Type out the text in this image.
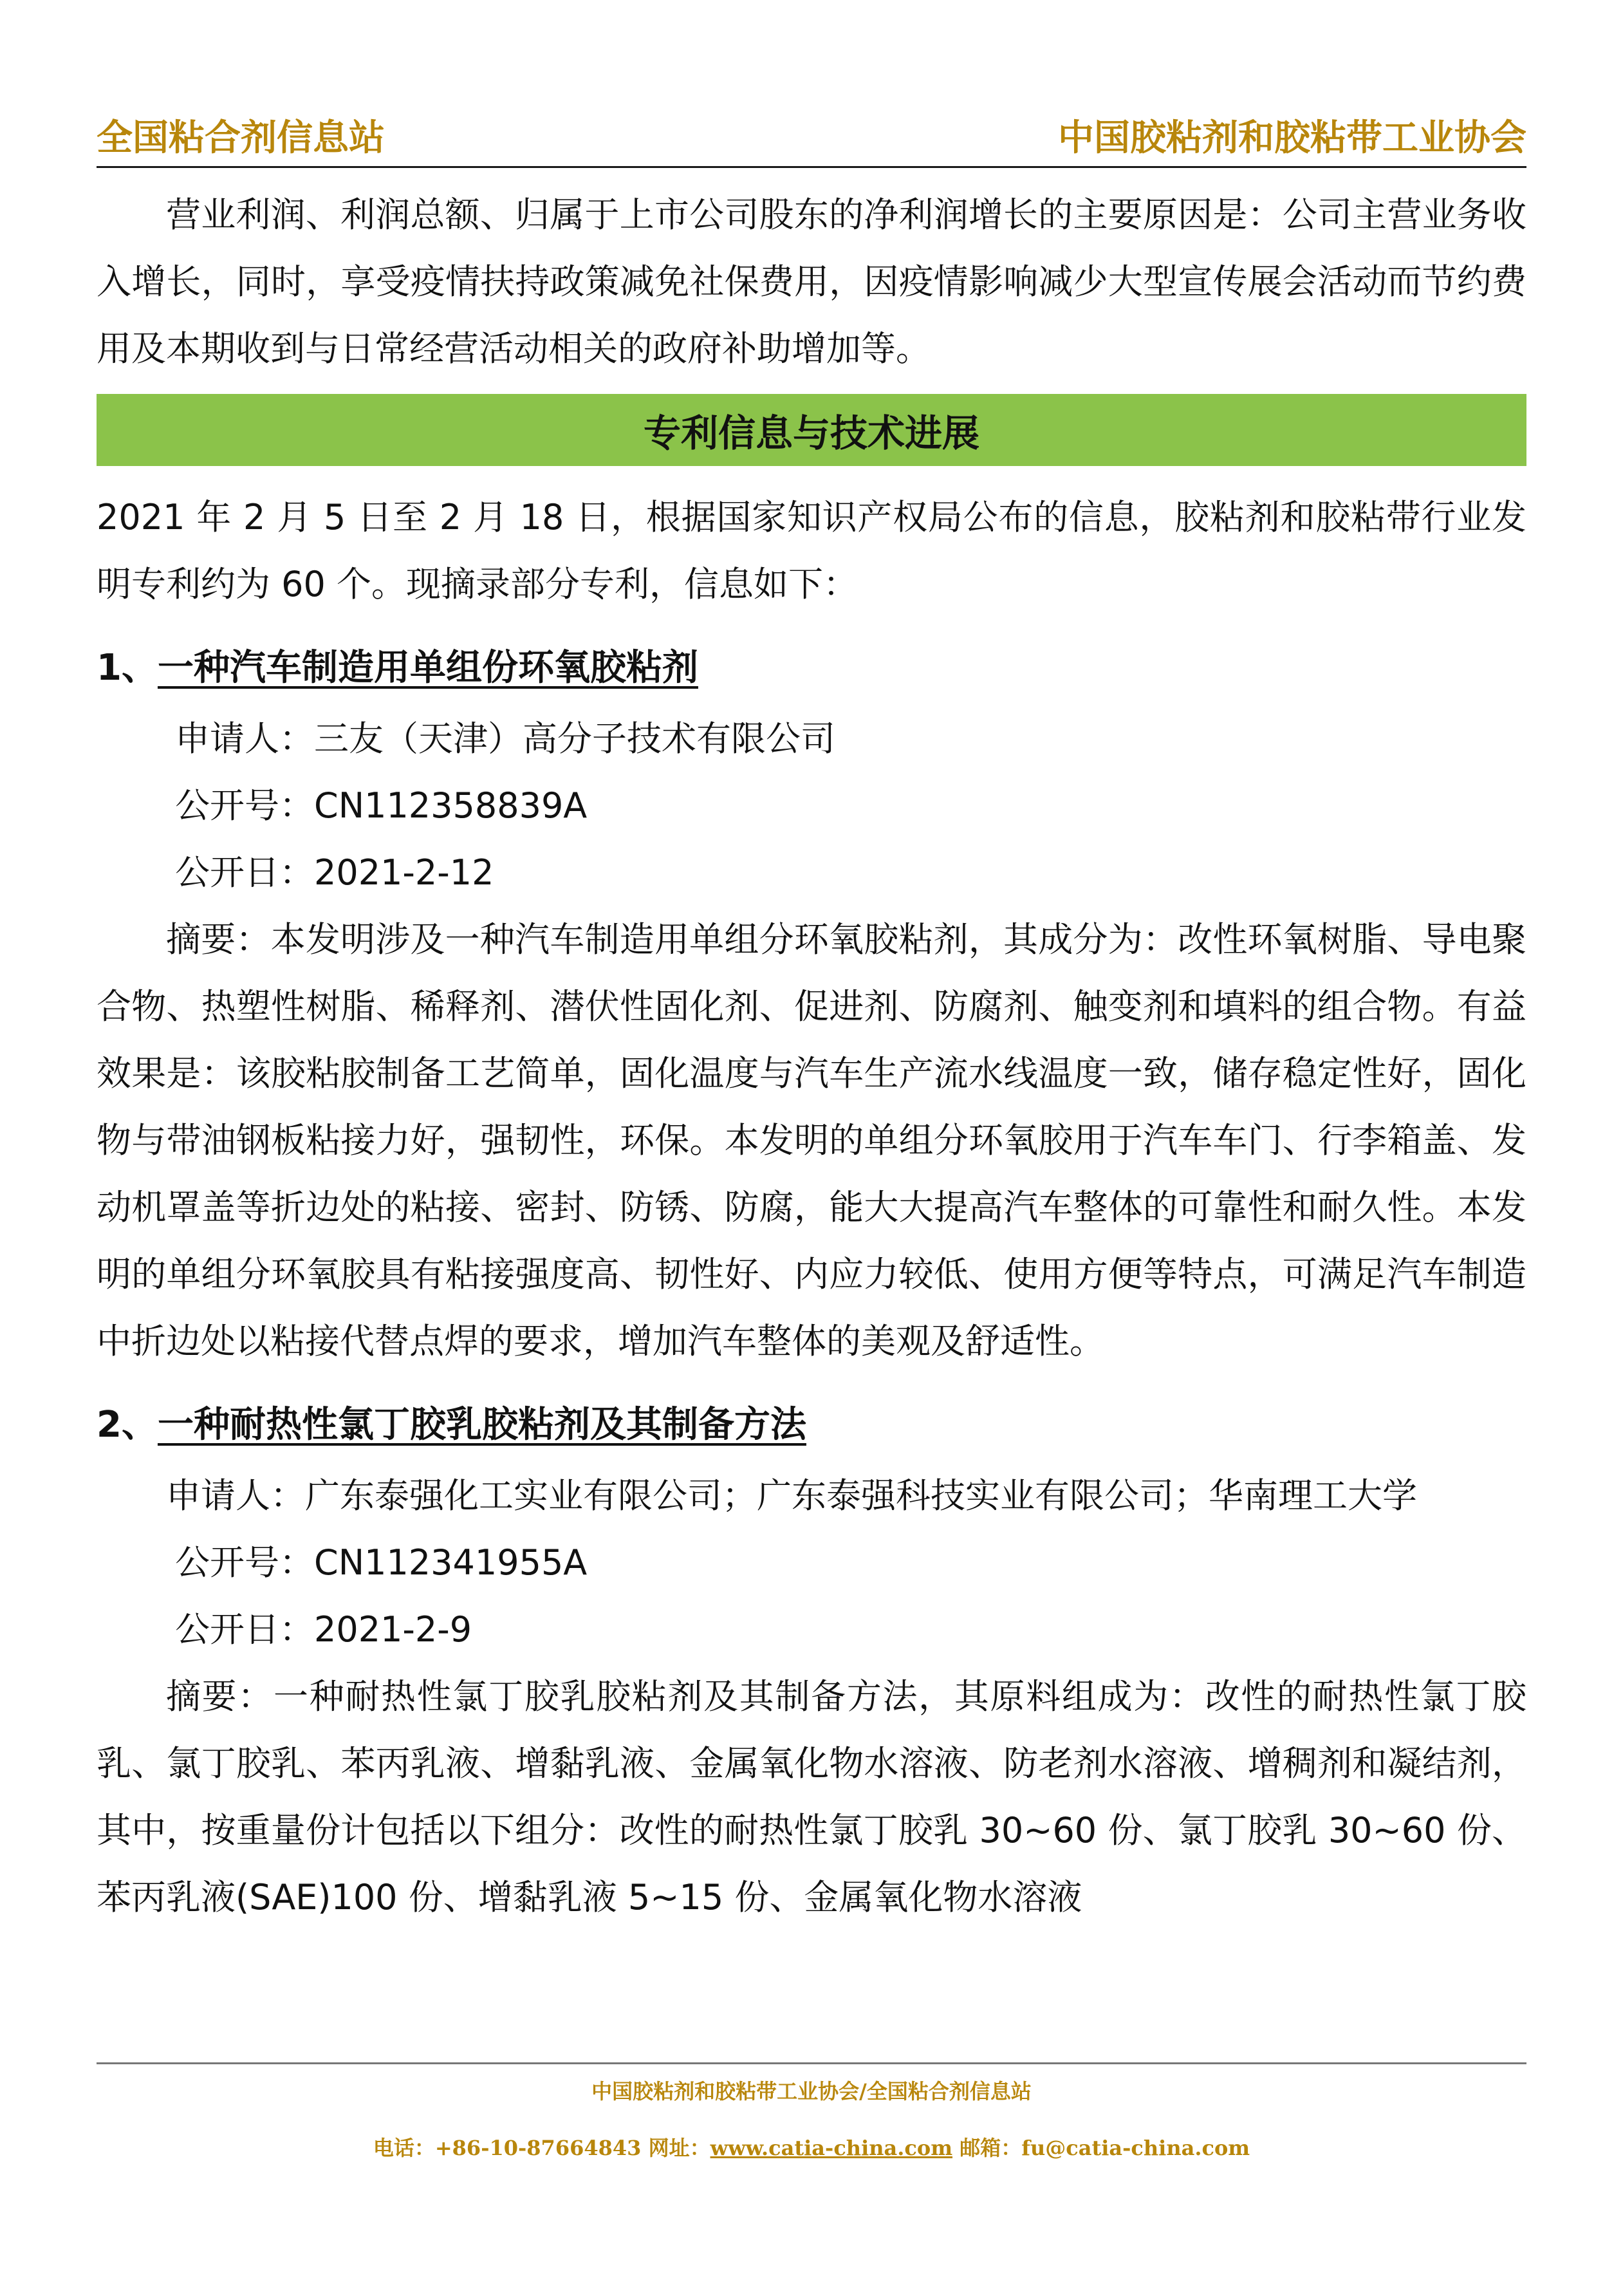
全国粘合剂信息站	中国胶粘剂和胶粘带工业协会

营业利润、利润总额、归属于上市公司股东的净利润增长的主要原因是：公司主营业务收入增长，同时，享受疫情扶持政策减免社保费用，因疫情影响减少大型宣传展会活动而节约费用及本期收到与日常经营活动相关的政府补助增加等。

专利信息与技术进展

2021 年 2 月 5 日至 2 月 18 日，根据国家知识产权局公布的信息，胶粘剂和胶粘带行业发明专利约为 60 个。现摘录部分专利，信息如下：

1、一种汽车制造用单组份环氧胶粘剂
申请人：三友（天津）高分子技术有限公司
公开号：CN112358839A
公开日：2021-2-12

摘要：本发明涉及一种汽车制造用单组分环氧胶粘剂，其成分为：改性环氧树脂、导电聚合物、热塑性树脂、稀释剂、潜伏性固化剂、促进剂、防腐剂、触变剂和填料的组合物。有益效果是：该胶粘胶制备工艺简单，固化温度与汽车生产流水线温度一致，储存稳定性好，固化物与带油钢板粘接力好，强韧性，环保。本发明的单组分环氧胶用于汽车车门、行李箱盖、发动机罩盖等折边处的粘接、密封、防锈、防腐，能大大提高汽车整体的可靠性和耐久性。本发明的单组分环氧胶具有粘接强度高、韧性好、内应力较低、使用方便等特点，可满足汽车制造中折边处以粘接代替点焊的要求，增加汽车整体的美观及舒适性。

2、一种耐热性氯丁胶乳胶粘剂及其制备方法

申请人：广东泰强化工实业有限公司；广东泰强科技实业有限公司；华南理工大学

公开号：CN112341955A
公开日：2021-2-9

摘要：一种耐热性氯丁胶乳胶粘剂及其制备方法，其原料组成为：改性的耐热性氯丁胶乳、氯丁胶乳、苯丙乳液、增黏乳液、金属氧化物水溶液、防老剂水溶液、增稠剂和凝结剂，其中，按重量份计包括以下组分：改性的耐热性氯丁胶乳 30~60 份、氯丁胶乳 30~60 份、苯丙乳液(SAE)100 份、增黏乳液 5~15 份、金属氧化物水溶液

中国胶粘剂和胶粘带工业协会/全国粘合剂信息站
电话：+86-10-87664843 网址：www.catia-china.com 邮箱：fu@catia-china.com
